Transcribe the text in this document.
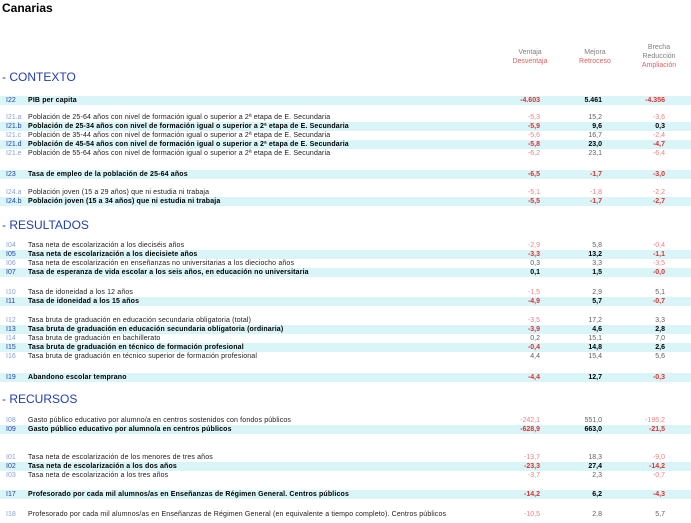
Canarias
Ventaja
Desventaja
Mejora
Retroceso
Brecha
Reducción
Ampliación
- CONTEXTO
- RESULTADOS
- RECURSOS
I22 PIB per capita	-4.603	5.461	-4.356
I21.a Población de 25-64 años con nivel de formación igual o superior a 2ª etapa de E. Secundaria	-5,3	15,2	-3,6
I21.b Población de 25-34 años con nivel de formación igual o superior a 2ª etapa de E. Secundaria	-5,9	9,6	0,3
I21.c Población de 35-44 años con nivel de formación igual o superior a 2ª etapa de E. Secundaria	-5,6	16,7	-2,4
I21.d Población de 45-54 años con nivel de formación igual o superior a 2ª etapa de E. Secundaria	-5,8	23,0	-4,7
I21.e Población de 55-64 años con nivel de formación igual o superior a 2ª etapa de E. Secundaria	-6,2	23,1	-6,4
I23 Tasa de empleo de la población de 25-64 años	-6,5	-1,7	-3,0
I24.a Población joven (15 a 29 años) que ni estudia ni trabaja	-5,1	-1,8	-2,2
I24.b Población joven (15 a 34 años) que ni estudia ni trabaja	-5,5	-1,7	-2,7
I04 Tasa neta de escolarización a los dieciséis años	-2,9	5,8	-0,4
I05 Tasa neta de escolarización a los diecisiete años	-3,3	13,2	-1,1
I06 Tasa neta de escolarización en enseñanzas no universitarias a los dieciocho años	0,3	3,3	-3,5
I07 Tasa de esperanza de vida escolar a los seis años, en educación no universitaria	0,1	1,5	-0,0
I10 Tasa de idoneidad a los 12 años	-1,5	2,9	5,1
I11 Tasa de idoneidad a los 15 años	-4,9	5,7	-0,7
I12 Tasa bruta de graduación en educación secundaria obligatoria (total)	-3,5	17,2	3,3
I13 Tasa bruta de graduación en educación secundaria obligatoria (ordinaria)	-3,9	4,6	2,8
I14 Tasa bruta de graduación en bachillerato	0,2	15,1	7,0
I15 Tasa bruta de graduación en técnico de formación profesional	-0,4	14,8	2,6
I16 Tasa bruta de graduación en técnico superior de formación profesional	4,4	15,4	5,6
I19 Abandono escolar temprano	-4,4	12,7	-0,3
I08 Gasto público educativo por alumno/a en centros sostenidos con fondos públicos	-242,1	551,0	-195,2
I09 Gasto público educativo por alumno/a en centros públicos	-628,9	663,0	-21,5
I01 Tasa neta de escolarización de los menores de tres años	-13,7	18,3	-9,0
I02 Tasa neta de escolarización a los dos años	-23,3	27,4	-14,2
I03 Tasa neta de escolarización a los tres años	-3,7	2,3	-0,7
I17 Profesorado por cada mil alumnos/as en Enseñanzas de Régimen General. Centros públicos	-14,2	6,2	-4,3
I18 Profesorado por cada mil alumnos/as en Enseñanzas de Régimen General (en equivalente a tiempo completo). Centros públicos	-10,5	2,8	5,7
